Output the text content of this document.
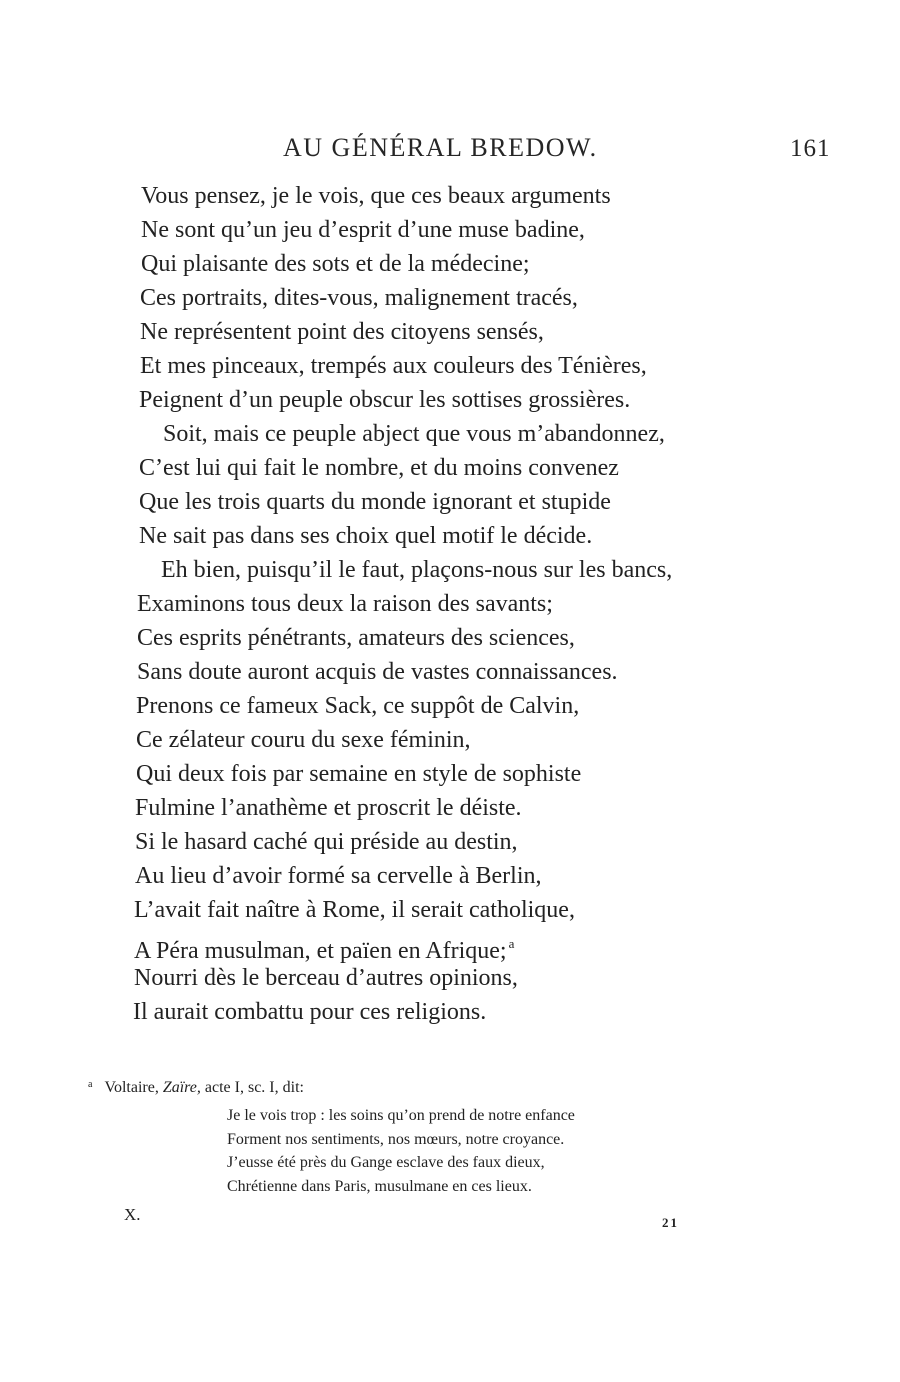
AU GÉNÉRAL BREDOW.	161
Vous pensez, je le vois, que ces beaux arguments
Ne sont qu’un jeu d’esprit d’une muse badine,
Qui plaisante des sots et de la médecine;
Ces portraits, dites-vous, malignement tracés,
Ne représentent point des citoyens sensés,
Et mes pinceaux, trempés aux couleurs des Ténières,
Peignent d’un peuple obscur les sottises grossières.
Soit, mais ce peuple abject que vous m’abandonnez,
C’est lui qui fait le nombre, et du moins convenez
Que les trois quarts du monde ignorant et stupide
Ne sait pas dans ses choix quel motif le décide.
Eh bien, puisqu’il le faut, plaçons-nous sur les bancs,
Examinons tous deux la raison des savants;
Ces esprits pénétrants, amateurs des sciences,
Sans doute auront acquis de vastes connaissances.
Prenons ce fameux Sack, ce suppôt de Calvin,
Ce zélateur couru du sexe féminin,
Qui deux fois par semaine en style de sophiste
Fulmine l’anathème et proscrit le déiste.
Si le hasard caché qui préside au destin,
Au lieu d’avoir formé sa cervelle à Berlin,
L’avait fait naître à Rome, il serait catholique,
A Péra musulman, et païen en Afrique; $^a$
Nourri dès le berceau d’autres opinions,
Il aurait combattu pour ces religions.
$^a$ Voltaire, Zaïre, acte I, sc. I, dit:
Je le vois trop : les soins qu’on prend de notre enfance
Forment nos sentiments, nos mœurs, notre croyance.
J’eusse été près du Gange esclave des faux dieux,
Chrétienne dans Paris, musulmane en ces lieux.
X.	21
